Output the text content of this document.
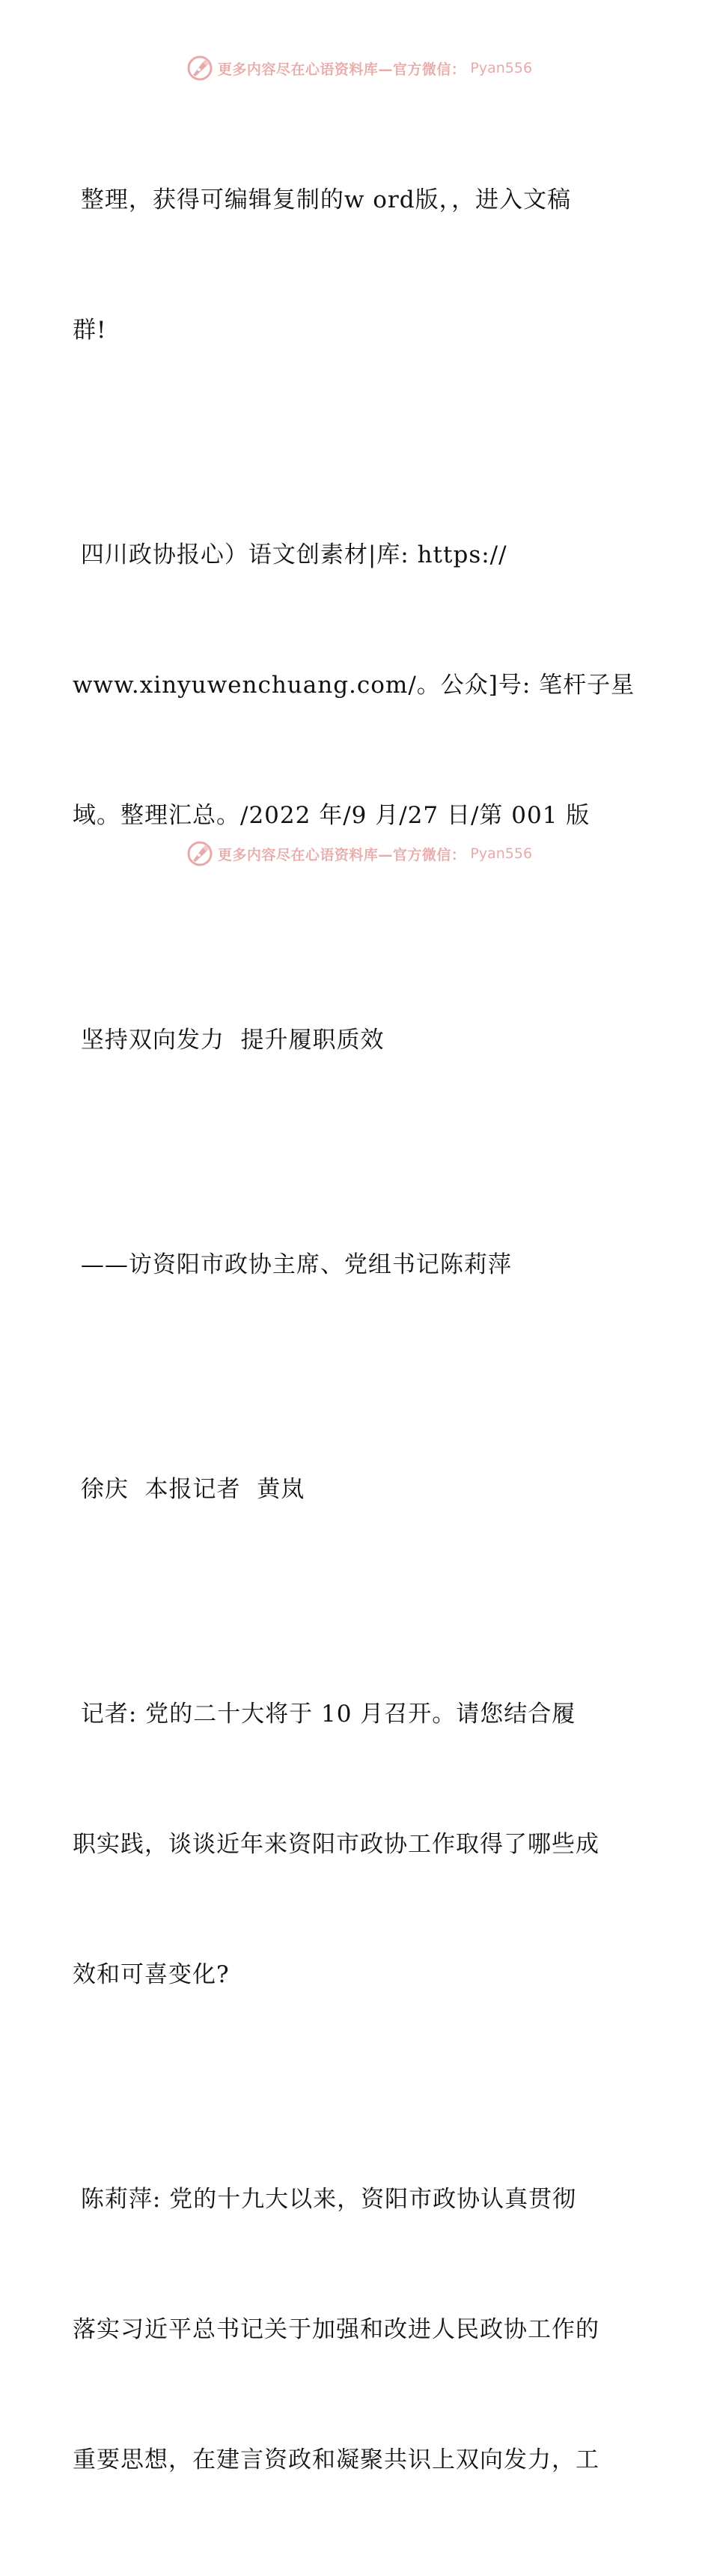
更多内容尽在心语资料库—官方微信： Pyan556

整理，获得可编辑复制的w ord版，，进入文稿

群!

四川政协报心）语文创素材|库: https://

www.xinyuwenchuang.com/。公众]号: 笔杆子星

域。整理汇总。/2022 年/9 月/27 日/第 001 版

坚持双向发力  提升履职质效

——访资阳市政协主席、党组书记陈莉萍

徐庆  本报记者  黄岚

记者: 党的二十大将于 10 月召开。请您结合履

职实践，谈谈近年来资阳市政协工作取得了哪些成

效和可喜变化?

陈莉萍: 党的十九大以来，资阳市政协认真贯彻

落实习近平总书记关于加强和改进人民政协工作的

重要思想，在建言资政和凝聚共识上双向发力，工

更多内容尽在心语资料库—官方微信： Pyan556
